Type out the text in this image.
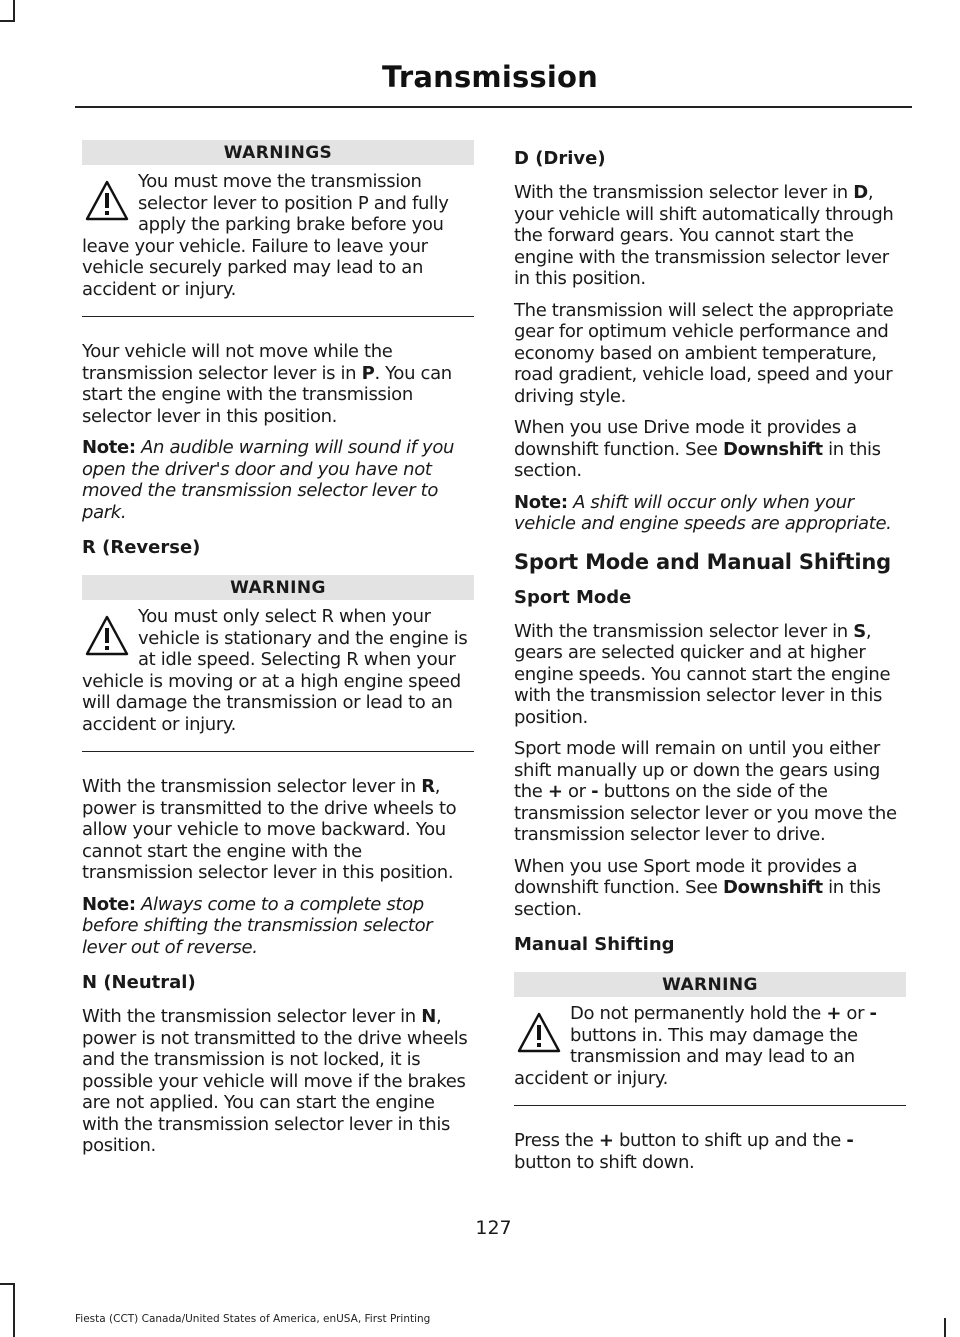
Transmission
WARNINGS
You must move the transmission selector lever to position P and fully apply the parking brake before you leave your vehicle. Failure to leave your vehicle securely parked may lead to an accident or injury.

Your vehicle will not move while the transmission selector lever is in P. You can start the engine with the transmission selector lever in this position.

Note: An audible warning will sound if you open the driver's door and you have not moved the transmission selector lever to park.

R (Reverse)
WARNING
You must only select R when your vehicle is stationary and the engine is at idle speed. Selecting R when your vehicle is moving or at a high engine speed will damage the transmission or lead to an accident or injury.

With the transmission selector lever in R, power is transmitted to the drive wheels to allow your vehicle to move backward. You cannot start the engine with the transmission selector lever in this position.

Note: Always come to a complete stop before shifting the transmission selector lever out of reverse.

N (Neutral)

With the transmission selector lever in N, power is not transmitted to the drive wheels and the transmission is not locked, it is possible your vehicle will move if the brakes are not applied. You can start the engine with the transmission selector lever in this position.

D (Drive)

With the transmission selector lever in D, your vehicle will shift automatically through the forward gears. You cannot start the engine with the transmission selector lever in this position.

The transmission will select the appropriate gear for optimum vehicle performance and economy based on ambient temperature, road gradient, vehicle load, speed and your driving style.

When you use Drive mode it provides a downshift function. See Downshift in this section.

Note: A shift will occur only when your vehicle and engine speeds are appropriate.

Sport Mode and Manual Shifting
Sport Mode

With the transmission selector lever in S, gears are selected quicker and at higher engine speeds. You cannot start the engine with the transmission selector lever in this position.

Sport mode will remain on until you either shift manually up or down the gears using the + or - buttons on the side of the transmission selector lever or you move the transmission selector lever to drive.

When you use Sport mode it provides a downshift function. See Downshift in this section.

Manual Shifting
WARNING
Do not permanently hold the + or - buttons in. This may damage the transmission and may lead to an accident or injury.

Press the + button to shift up and the - button to shift down.

127
Fiesta (CCT) Canada/United States of America, enUSA, First Printing
